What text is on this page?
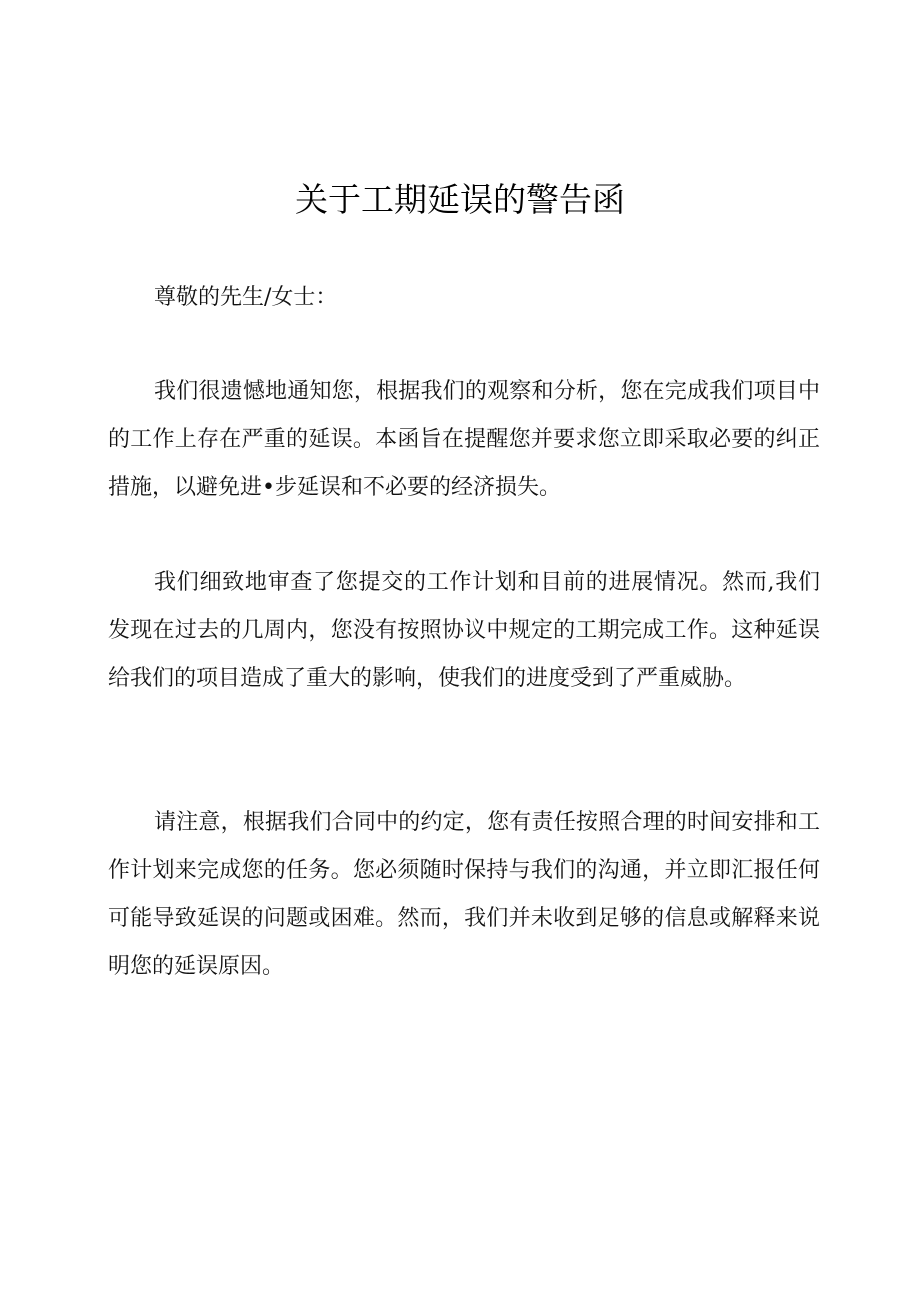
关于工期延误的警告函

尊敬的先生/女士：

我们很遗憾地通知您，根据我们的观察和分析，您在完成我们项目中的工作上存在严重的延误。本函旨在提醒您并要求您立即采取必要的纠正措施，以避免进•步延误和不必要的经济损失。

我们细致地审查了您提交的工作计划和目前的进展情况。然而,我们发现在过去的几周内，您没有按照协议中规定的工期完成工作。这种延误给我们的项目造成了重大的影响，使我们的进度受到了严重威胁。

请注意，根据我们合同中的约定，您有责任按照合理的时间安排和工作计划来完成您的任务。您必须随时保持与我们的沟通，并立即汇报任何可能导致延误的问题或困难。然而，我们并未收到足够的信息或解释来说明您的延误原因。
